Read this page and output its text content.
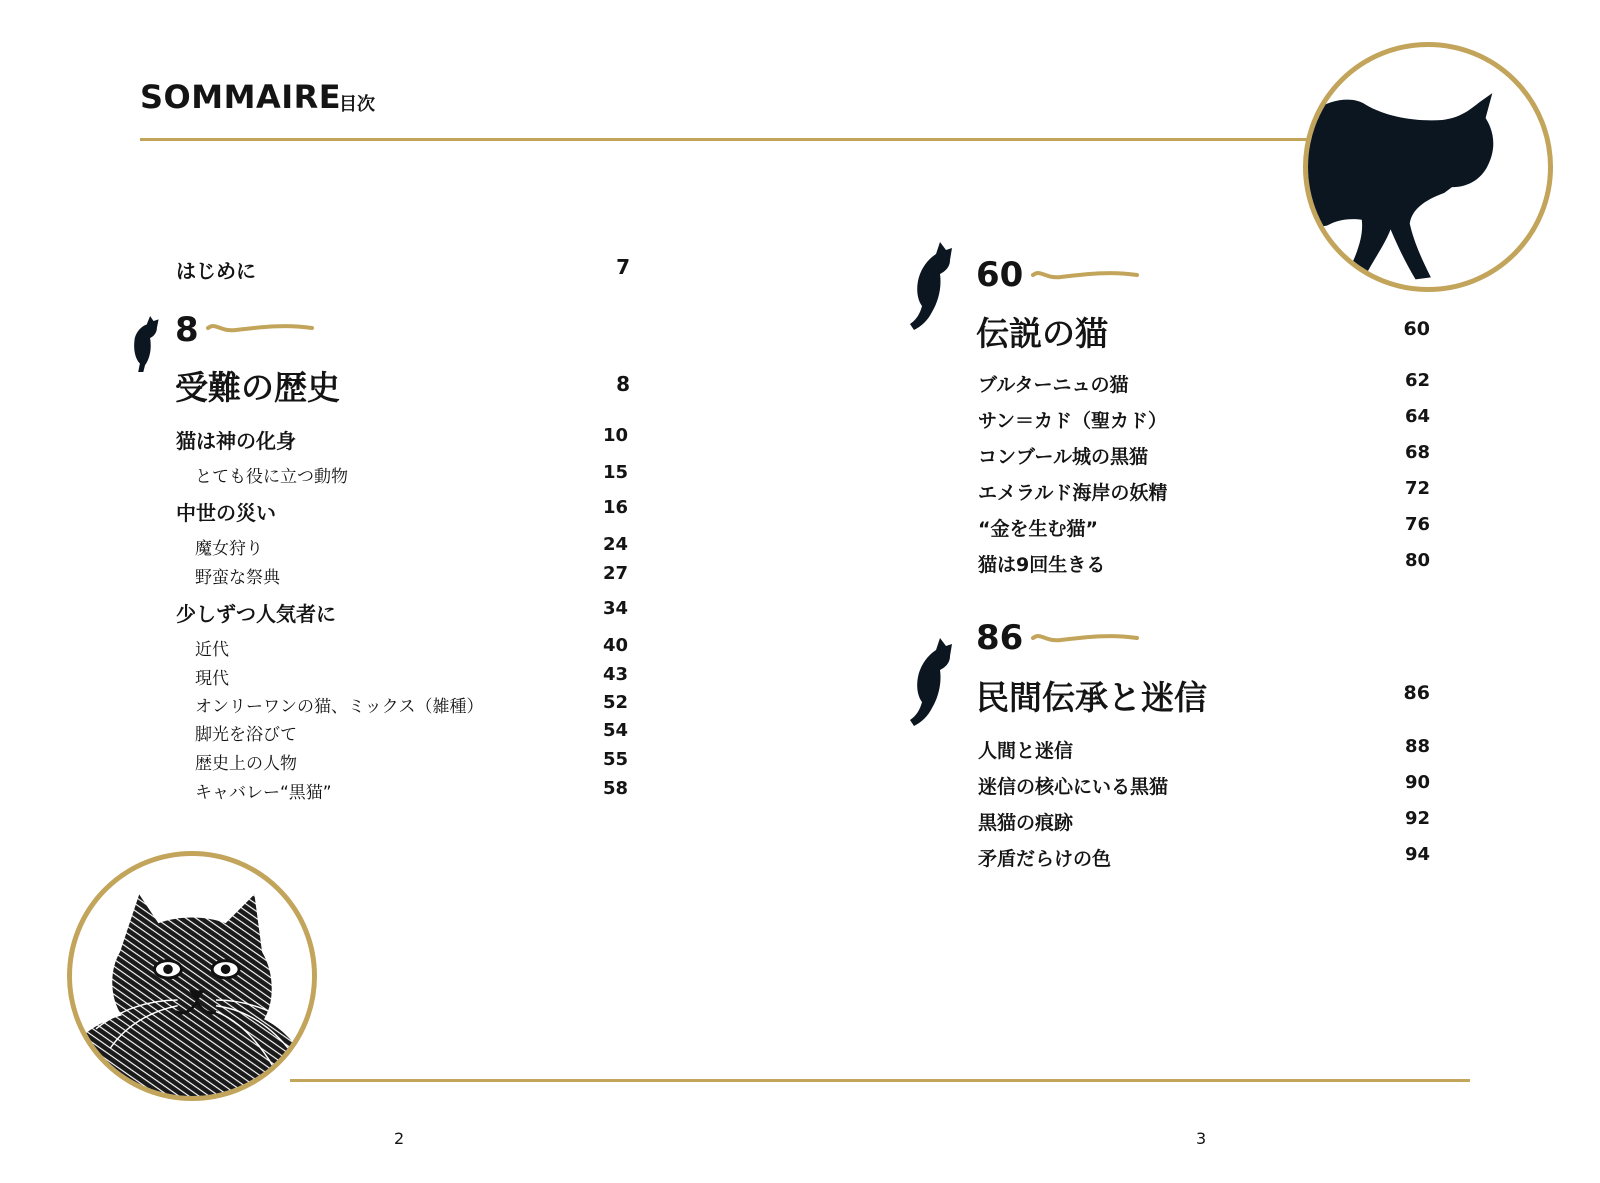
SOMMAIRE
目次
はじめに	7
8
受難の歴史	8
猫は神の化身	10
とても役に立つ動物	15
中世の災い	16
魔女狩り	24
野蛮な祭典	27
少しずつ人気者に	34
近代	40
現代	43
オンリーワンの猫、ミックス（雑種）	52
脚光を浴びて	54
歴史上の人物	55
キャバレー“黒猫”	58
60
伝説の猫	60
ブルターニュの猫	62
サン＝カド（聖カド）	64
コンブール城の黒猫	68
エメラルド海岸の妖精	72
“金を生む猫”	76
猫は9回生きる	80
86
民間伝承と迷信	86
人間と迷信	88
迷信の核心にいる黒猫	90
黒猫の痕跡	92
矛盾だらけの色	94
2	3
